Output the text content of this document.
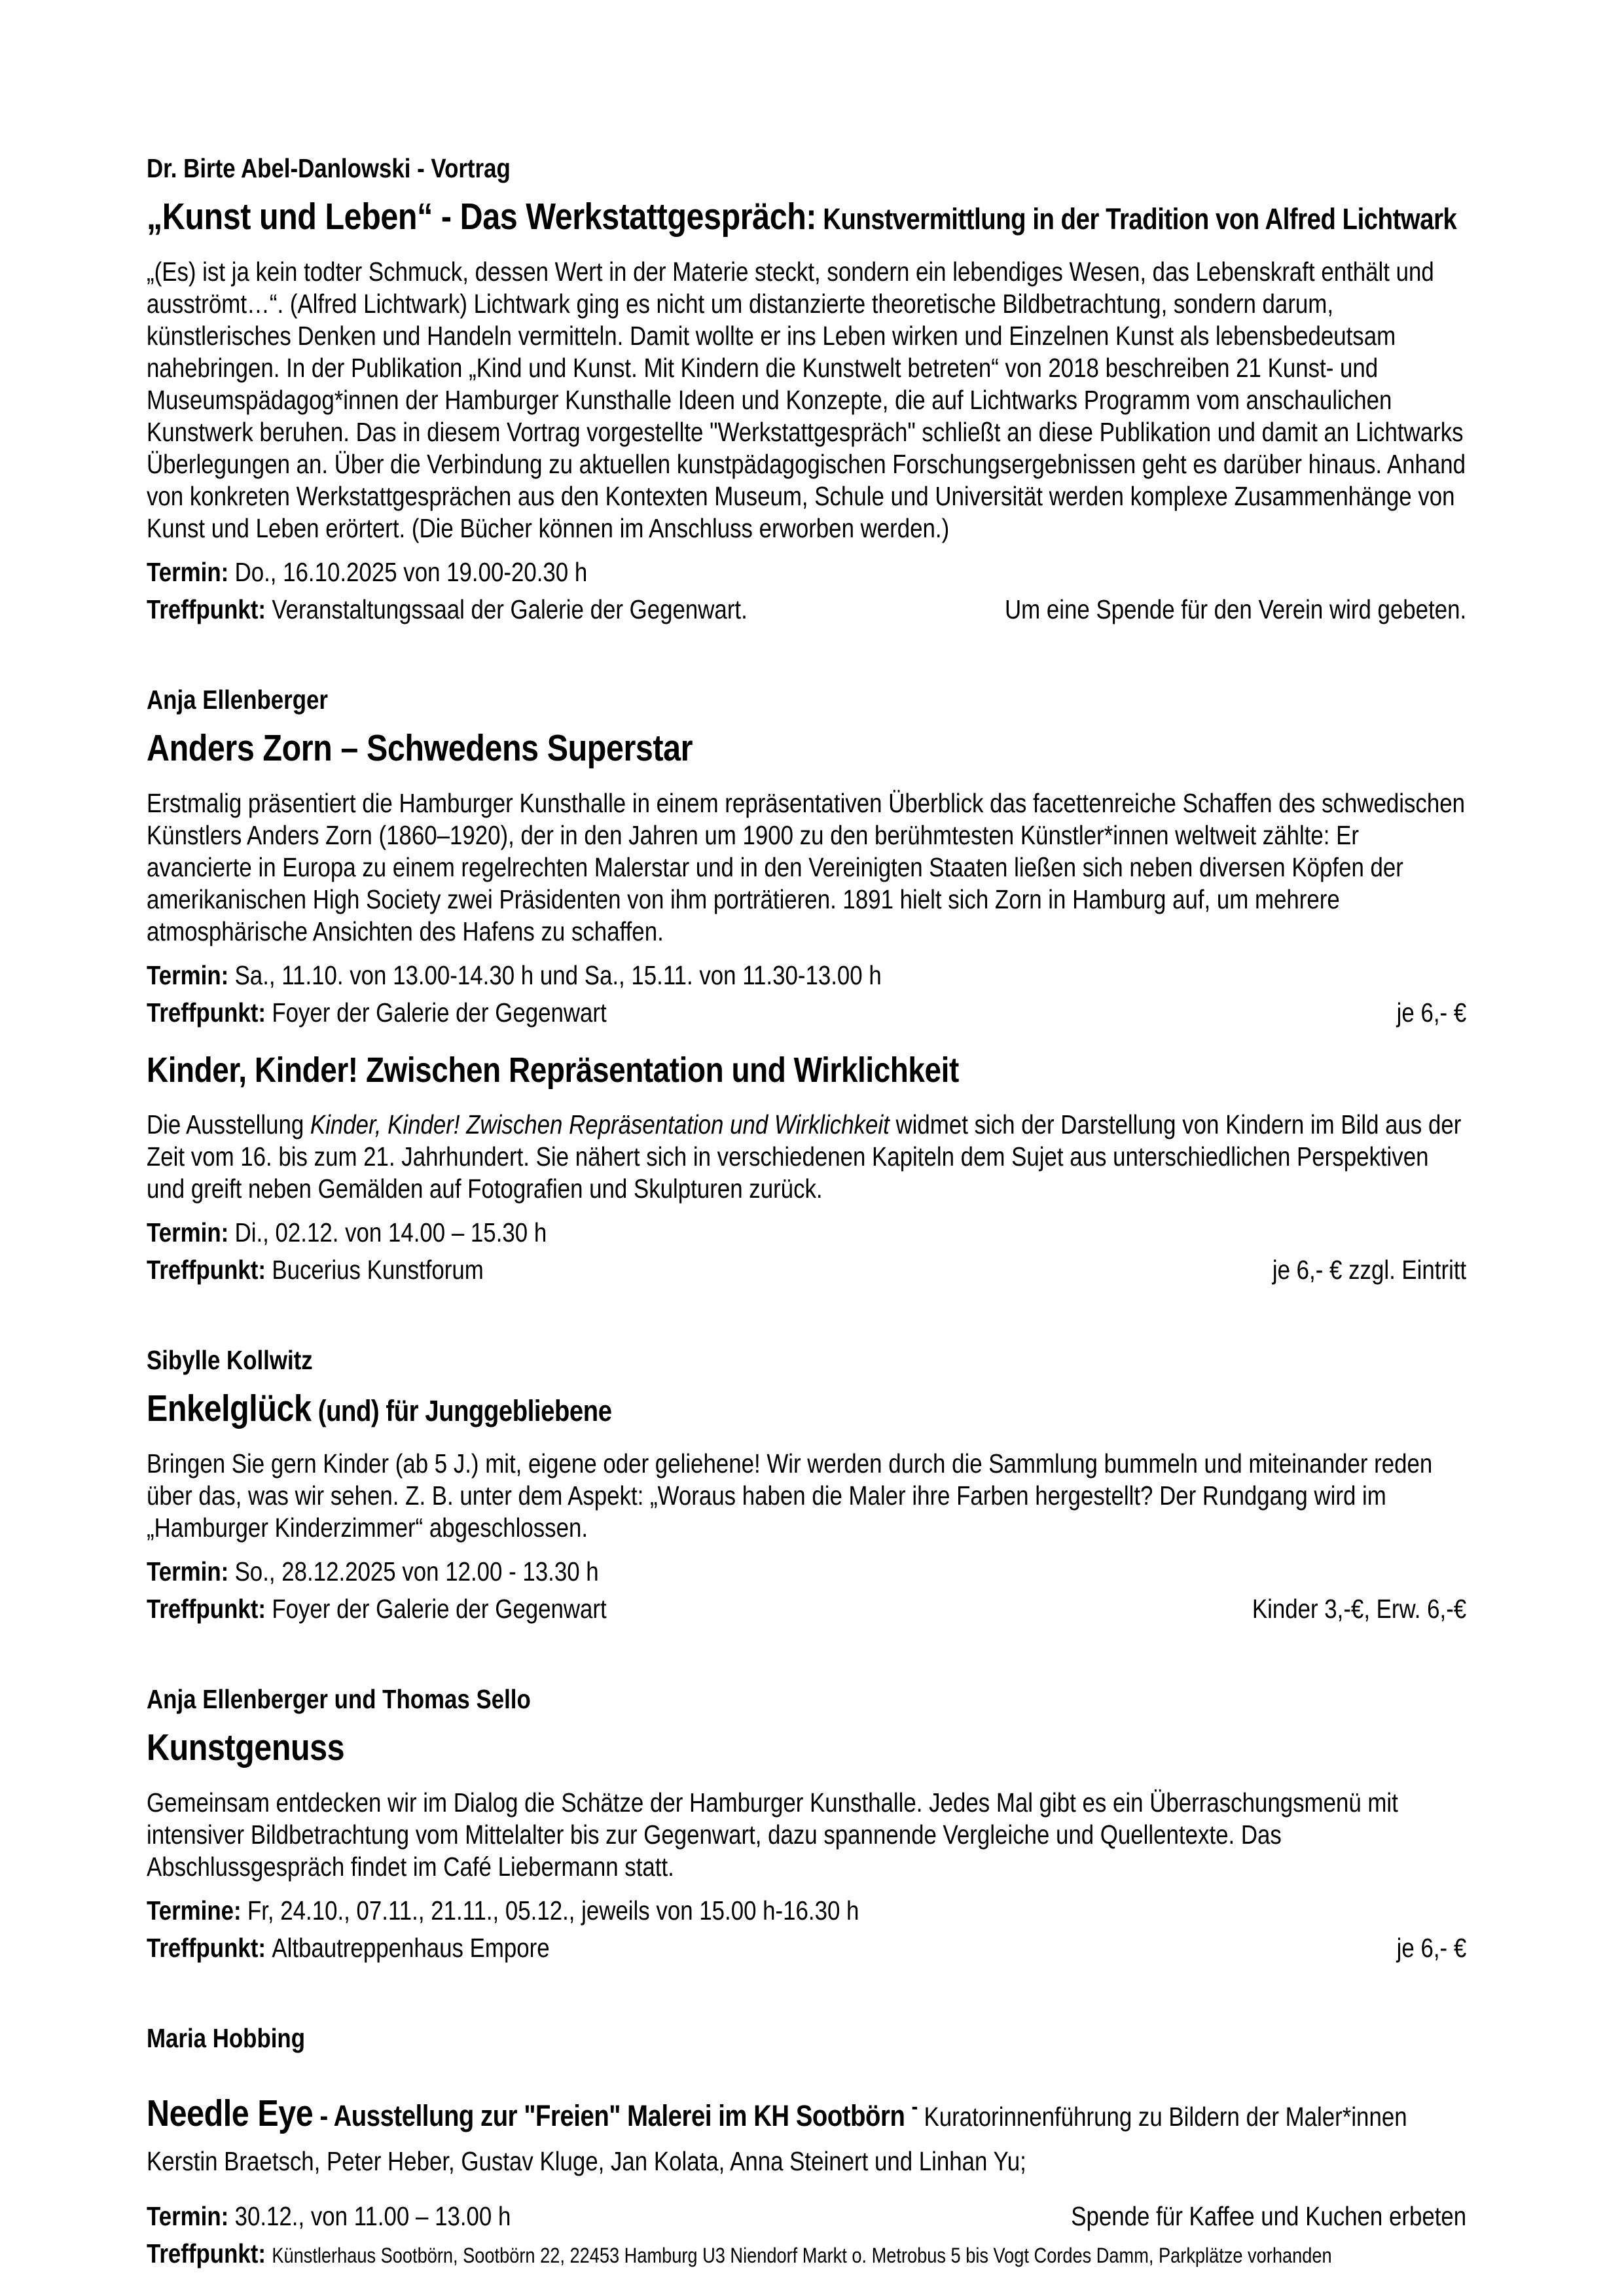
Dr. Birte Abel-Danlowski - Vortrag

„Kunst und Leben“ - Das Werkstattgespräch: Kunstvermittlung in der Tradition von Alfred Lichtwark

„(Es) ist ja kein todter Schmuck, dessen Wert in der Materie steckt, sondern ein lebendiges Wesen, das Lebenskraft enthält und ausströmt…“. (Alfred Lichtwark) Lichtwark ging es nicht um distanzierte theoretische Bildbetrachtung, sondern darum, künstlerisches Denken und Handeln vermitteln. Damit wollte er ins Leben wirken und Einzelnen Kunst als lebensbedeutsam nahebringen. In der Publikation „Kind und Kunst. Mit Kindern die Kunstwelt betreten“ von 2018 beschreiben 21 Kunst- und Museumspädagog*innen der Hamburger Kunsthalle Ideen und Konzepte, die auf Lichtwarks Programm vom anschaulichen Kunstwerk beruhen. Das in diesem Vortrag vorgestellte "Werkstattgespräch" schließt an diese Publikation und damit an Lichtwarks Überlegungen an. Über die Verbindung zu aktuellen kunstpädagogischen Forschungsergebnissen geht es darüber hinaus. Anhand von konkreten Werkstattgesprächen aus den Kontexten Museum, Schule und Universität werden komplexe Zusammenhänge von Kunst und Leben erörtert. (Die Bücher können im Anschluss erworben werden.)

Termin: Do., 16.10.2025 von 19.00-20.30 h
Treffpunkt: Veranstaltungssaal der Galerie der Gegenwart.	Um eine Spende für den Verein wird gebeten.

Anja Ellenberger

Anders Zorn – Schwedens Superstar

Erstmalig präsentiert die Hamburger Kunsthalle in einem repräsentativen Überblick das facettenreiche Schaffen des schwedischen Künstlers Anders Zorn (1860–1920), der in den Jahren um 1900 zu den berühmtesten Künstler*innen weltweit zählte: Er avancierte in Europa zu einem regelrechten Malerstar und in den Vereinigten Staaten ließen sich neben diversen Köpfen der amerikanischen High Society zwei Präsidenten von ihm porträtieren. 1891 hielt sich Zorn in Hamburg auf, um mehrere atmosphärische Ansichten des Hafens zu schaffen.

Termin: Sa., 11.10. von 13.00-14.30 h und Sa., 15.11. von 11.30-13.00 h
Treffpunkt: Foyer der Galerie der Gegenwart	je 6,- €

Kinder, Kinder! Zwischen Repräsentation und Wirklichkeit

Die Ausstellung Kinder, Kinder! Zwischen Repräsentation und Wirklichkeit widmet sich der Darstellung von Kindern im Bild aus der Zeit vom 16. bis zum 21. Jahrhundert. Sie nähert sich in verschiedenen Kapiteln dem Sujet aus unterschiedlichen Perspektiven und greift neben Gemälden auf Fotografien und Skulpturen zurück.

Termin: Di., 02.12. von 14.00 – 15.30 h
Treffpunkt: Bucerius Kunstforum	je 6,- € zzgl. Eintritt

Sibylle Kollwitz

Enkelglück (und) für Junggebliebene

Bringen Sie gern Kinder (ab 5 J.) mit, eigene oder geliehene! Wir werden durch die Sammlung bummeln und miteinander reden über das, was wir sehen. Z. B. unter dem Aspekt: „Woraus haben die Maler ihre Farben hergestellt? Der Rundgang wird im „Hamburger Kinderzimmer“ abgeschlossen.

Termin: So., 28.12.2025 von 12.00 - 13.30 h
Treffpunkt: Foyer der Galerie der Gegenwart	Kinder 3,-€, Erw. 6,-€

Anja Ellenberger und Thomas Sello

Kunstgenuss

Gemeinsam entdecken wir im Dialog die Schätze der Hamburger Kunsthalle. Jedes Mal gibt es ein Überraschungsmenü mit intensiver Bildbetrachtung vom Mittelalter bis zur Gegenwart, dazu spannende Vergleiche und Quellentexte. Das Abschlussgespräch findet im Café Liebermann statt.

Termine: Fr, 24.10., 07.11., 21.11., 05.12., jeweils von 15.00 h-16.30 h
Treffpunkt: Altbautreppenhaus Empore	je 6,- €

Maria Hobbing

Needle Eye - Ausstellung zur "Freien" Malerei im KH Sootbörn ‐ Kuratorinnenführung zu Bildern der Maler*innen Kerstin Braetsch, Peter Heber, Gustav Kluge, Jan Kolata, Anna Steinert und Linhan Yu;

Termin: 30.12., von 11.00 – 13.00 h	Spende für Kaffee und Kuchen erbeten
Treffpunkt: Künstlerhaus Sootbörn, Sootbörn 22, 22453 Hamburg U3 Niendorf Markt o. Metrobus 5 bis Vogt Cordes Damm, Parkplätze vorhanden
